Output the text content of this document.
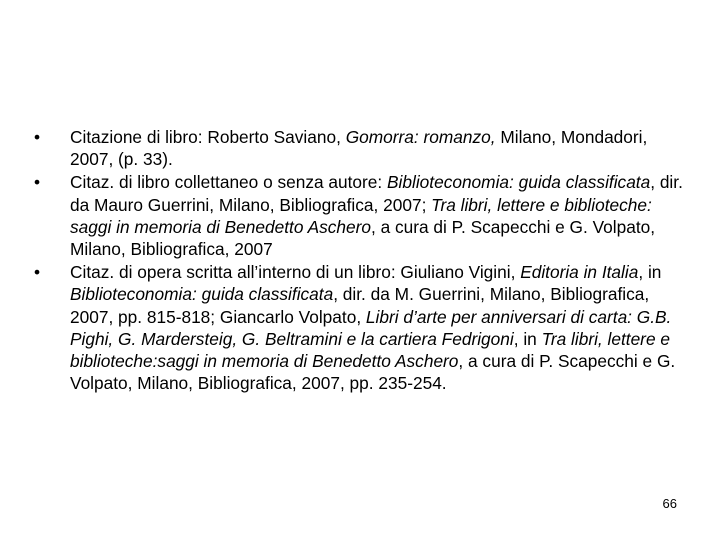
•	Citazione di libro: Roberto Saviano, Gomorra: romanzo, Milano, Mondadori, 2007, (p. 33).
•	Citaz. di libro collettaneo o senza autore: Biblioteconomia: guida classificata, dir. da Mauro Guerrini, Milano, Bibliografica, 2007; Tra libri, lettere e biblioteche: saggi in memoria di Benedetto Aschero, a cura di P. Scapecchi e G. Volpato, Milano, Bibliografica, 2007
•	Citaz. di opera scritta all’interno di un libro: Giuliano Vigini, Editoria in Italia, in Biblioteconomia: guida classificata, dir. da M. Guerrini, Milano, Bibliografica, 2007, pp. 815-818; Giancarlo Volpato, Libri d’arte per anniversari di carta: G.B. Pighi, G. Mardersteig, G. Beltramini e la cartiera Fedrigoni, in Tra libri, lettere e biblioteche:saggi in memoria di Benedetto Aschero, a cura di P. Scapecchi e G. Volpato, Milano, Bibliografica, 2007, pp. 235-254.
66
